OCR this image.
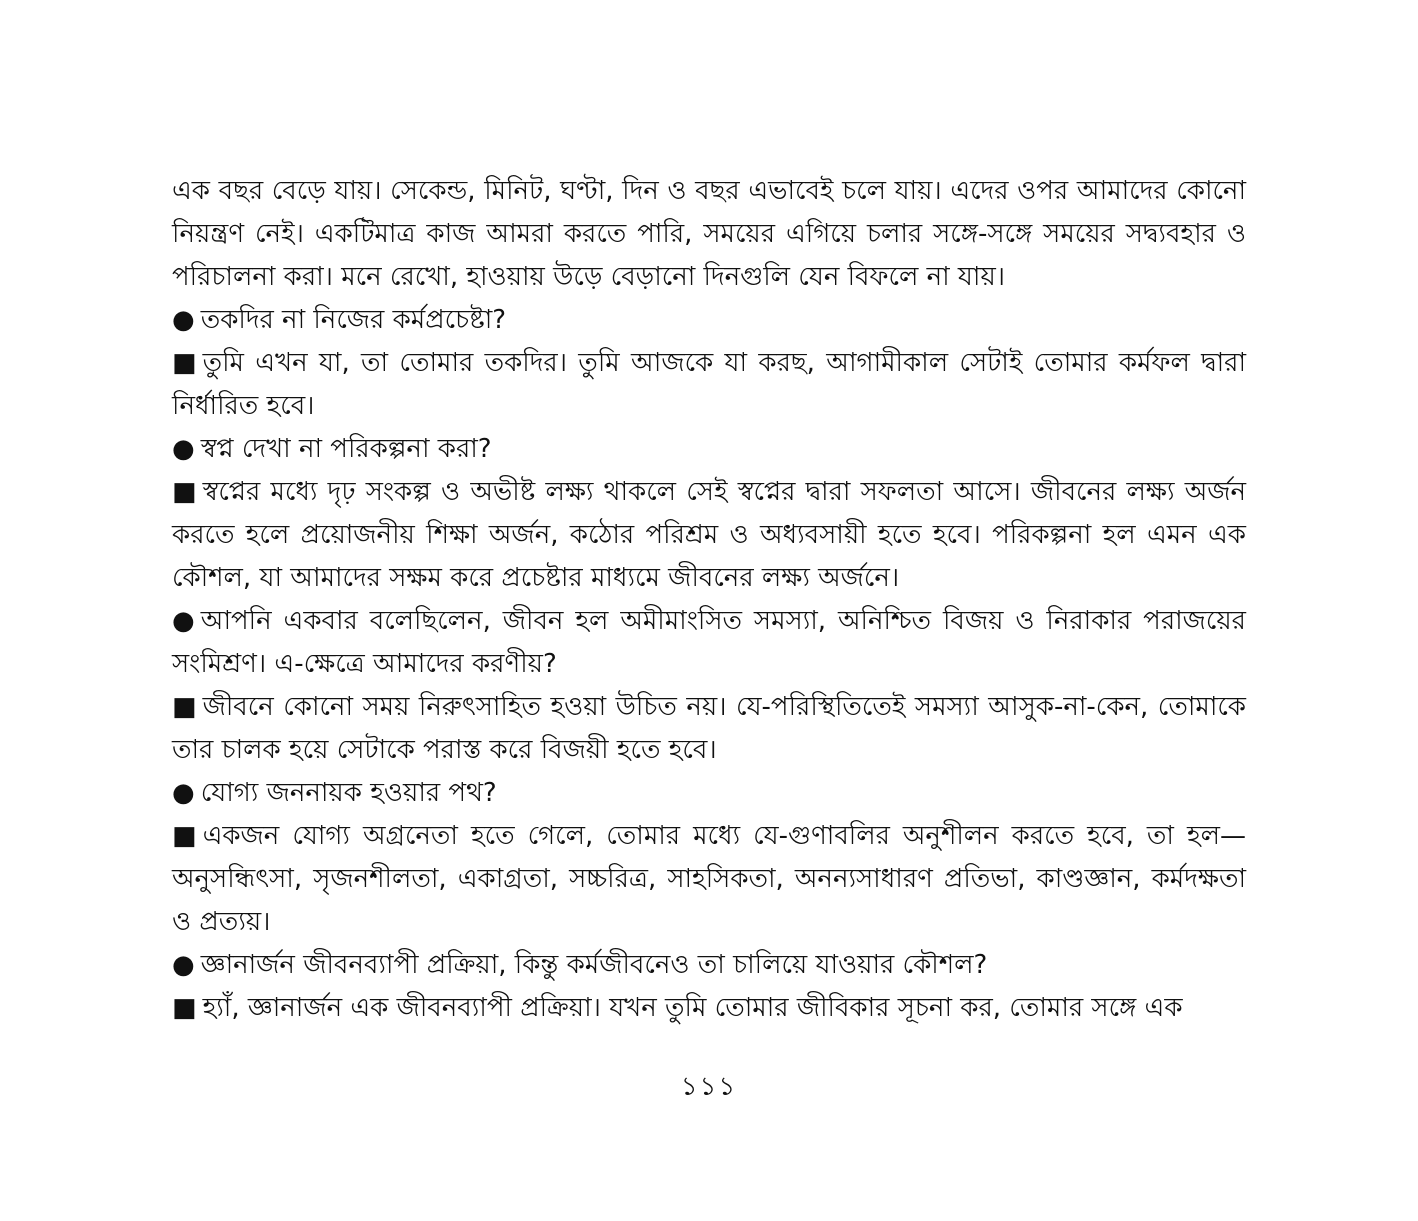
এক বছর বেড়ে যায়। সেকেন্ড, মিনিট, ঘণ্টা, দিন ও বছর এভাবেই চলে যায়। এদের ওপর আমাদের কোনো নিয়ন্ত্রণ নেই। একটিমাত্র কাজ আমরা করতে পারি, সময়ের এগিয়ে চলার সঙ্গে-সঙ্গে সময়ের সদ্ব্যবহার ও পরিচালনা করা। মনে রেখো, হাওয়ায় উড়ে বেড়ানো দিনগুলি যেন বিফলে না যায়।

● তকদির না নিজের কর্মপ্রচেষ্টা?

■ তুমি এখন যা, তা তোমার তকদির। তুমি আজকে যা করছ, আগামীকাল সেটাই তোমার কর্মফল দ্বারা নির্ধারিত হবে।

● স্বপ্ন দেখা না পরিকল্পনা করা?

■ স্বপ্নের মধ্যে দৃঢ় সংকল্প ও অভীষ্ট লক্ষ্য থাকলে সেই স্বপ্নের দ্বারা সফলতা আসে। জীবনের লক্ষ্য অর্জন করতে হলে প্রয়োজনীয় শিক্ষা অর্জন, কঠোর পরিশ্রম ও অধ্যবসায়ী হতে হবে। পরিকল্পনা হল এমন এক কৌশল, যা আমাদের সক্ষম করে প্রচেষ্টার মাধ্যমে জীবনের লক্ষ্য অর্জনে।

● আপনি একবার বলেছিলেন, জীবন হল অমীমাংসিত সমস্যা, অনিশ্চিত বিজয় ও নিরাকার পরাজয়ের সংমিশ্রণ। এ-ক্ষেত্রে আমাদের করণীয়?

■ জীবনে কোনো সময় নিরুৎসাহিত হওয়া উচিত নয়। যে-পরিস্থিতিতেই সমস্যা আসুক-না-কেন, তোমাকে তার চালক হয়ে সেটাকে পরাস্ত করে বিজয়ী হতে হবে।

● যোগ্য জননায়ক হওয়ার পথ?

■ একজন যোগ্য অগ্রনেতা হতে গেলে, তোমার মধ্যে যে-গুণাবলির অনুশীলন করতে হবে, তা হল— অনুসন্ধিৎসা, সৃজনশীলতা, একাগ্রতা, সচ্চরিত্র, সাহসিকতা, অনন্যসাধারণ প্রতিভা, কাণ্ডজ্ঞান, কর্মদক্ষতা ও প্রত্যয়।

● জ্ঞানার্জন জীবনব্যাপী প্রক্রিয়া, কিন্তু কর্মজীবনেও তা চালিয়ে যাওয়ার কৌশল?

■ হ্যাঁ, জ্ঞানার্জন এক জীবনব্যাপী প্রক্রিয়া। যখন তুমি তোমার জীবিকার সূচনা কর, তোমার সঙ্গে এক

১১১
